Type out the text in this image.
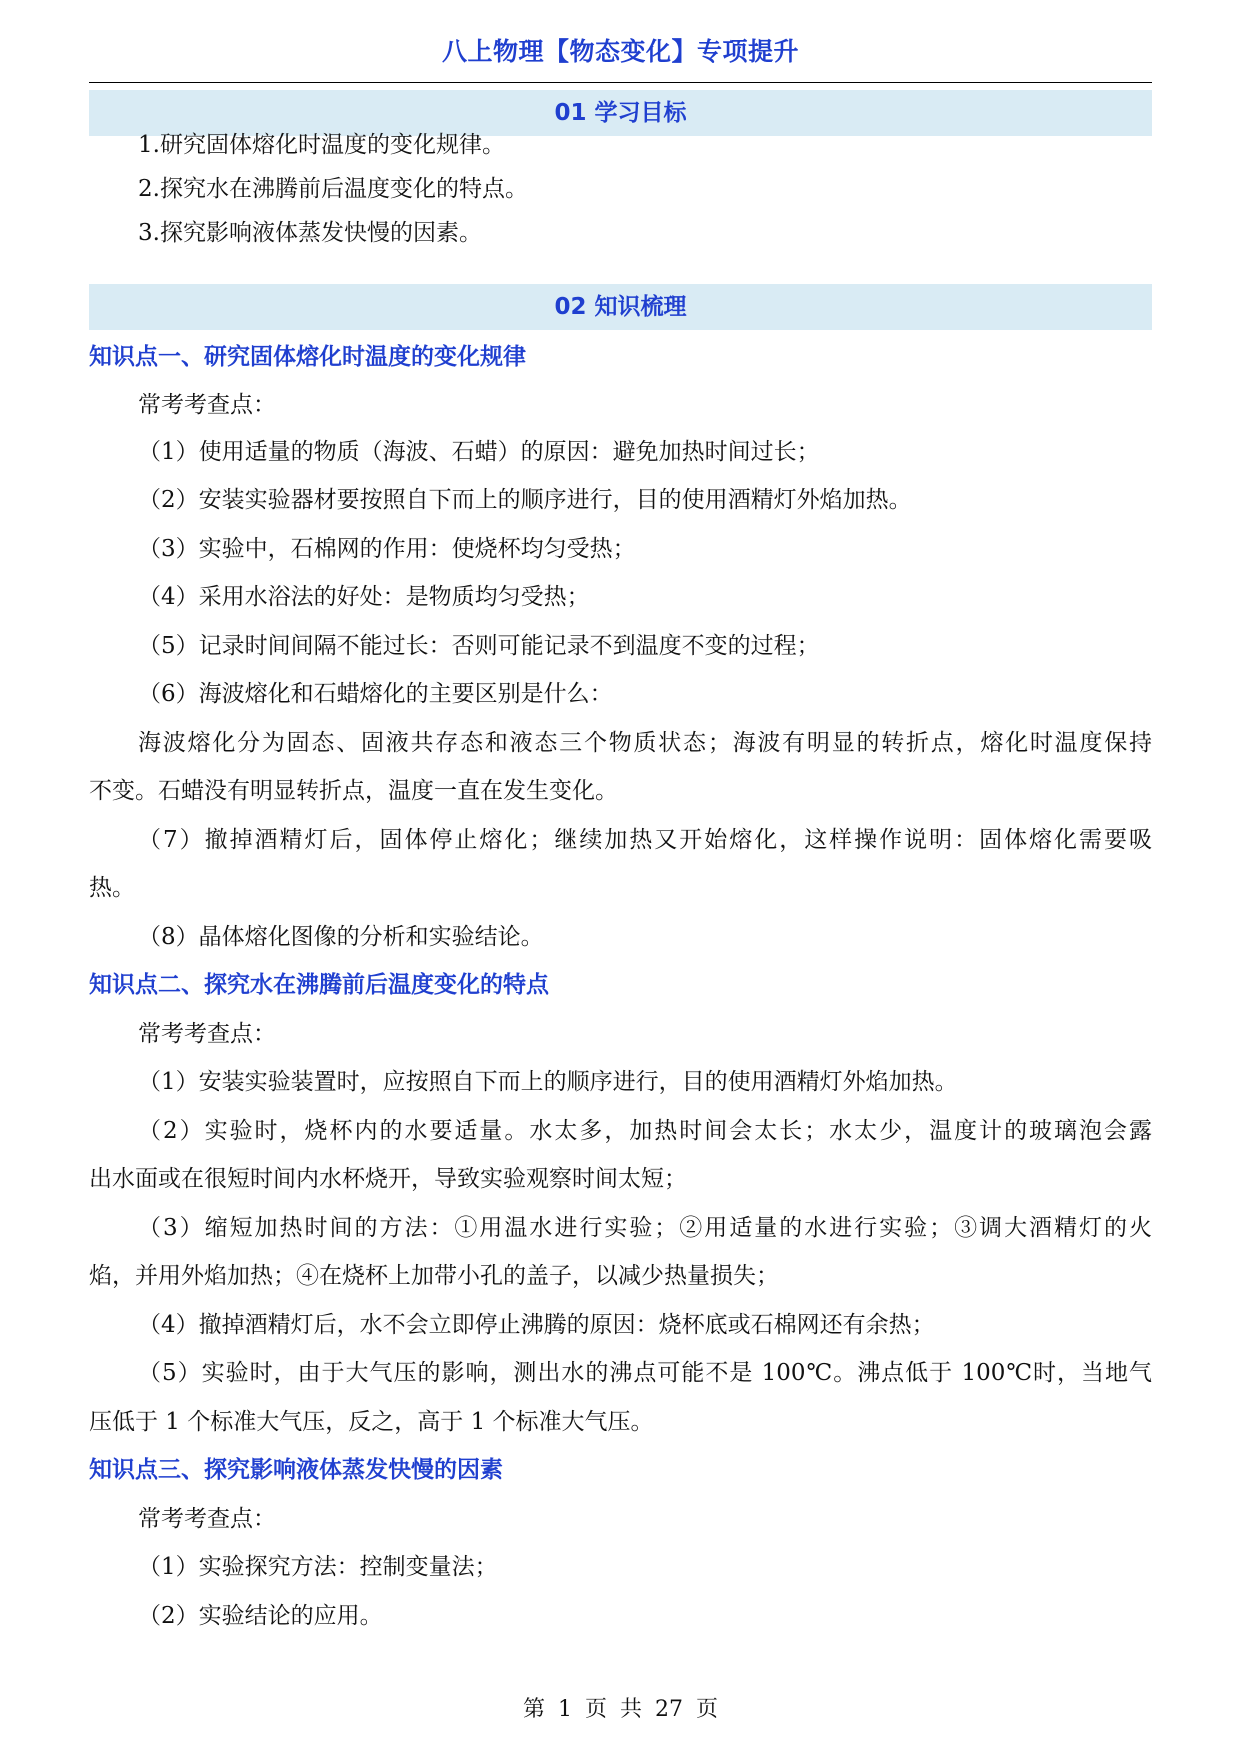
八上物理【物态变化】专项提升
01 学习目标
1.研究固体熔化时温度的变化规律。
2.探究水在沸腾前后温度变化的特点。
3.探究影响液体蒸发快慢的因素。
02 知识梳理
知识点一、研究固体熔化时温度的变化规律
常考考查点：
（1）使用适量的物质（海波、石蜡）的原因：避免加热时间过长；
（2）安装实验器材要按照自下而上的顺序进行，目的使用酒精灯外焰加热。
（3）实验中，石棉网的作用：使烧杯均匀受热；
（4）采用水浴法的好处：是物质均匀受热；
（5）记录时间间隔不能过长：否则可能记录不到温度不变的过程；
（6）海波熔化和石蜡熔化的主要区别是什么：
海波熔化分为固态、固液共存态和液态三个物质状态；海波有明显的转折点，熔化时温度保持
不变。石蜡没有明显转折点，温度一直在发生变化。
（7）撤掉酒精灯后，固体停止熔化；继续加热又开始熔化，这样操作说明：固体熔化需要吸
热。
（8）晶体熔化图像的分析和实验结论。
知识点二、探究水在沸腾前后温度变化的特点
常考考查点：
（1）安装实验装置时，应按照自下而上的顺序进行，目的使用酒精灯外焰加热。
（2）实验时，烧杯内的水要适量。水太多，加热时间会太长；水太少，温度计的玻璃泡会露
出水面或在很短时间内水杯烧开，导致实验观察时间太短；
（3）缩短加热时间的方法：①用温水进行实验；②用适量的水进行实验；③调大酒精灯的火
焰，并用外焰加热；④在烧杯上加带小孔的盖子，以减少热量损失；
（4）撤掉酒精灯后，水不会立即停止沸腾的原因：烧杯底或石棉网还有余热；
（5）实验时，由于大气压的影响，测出水的沸点可能不是 100℃。沸点低于 100℃时，当地气
压低于 1 个标准大气压，反之，高于 1 个标准大气压。
知识点三、探究影响液体蒸发快慢的因素
常考考查点：
（1）实验探究方法：控制变量法；
（2）实验结论的应用。
第 1 页 共 27 页
